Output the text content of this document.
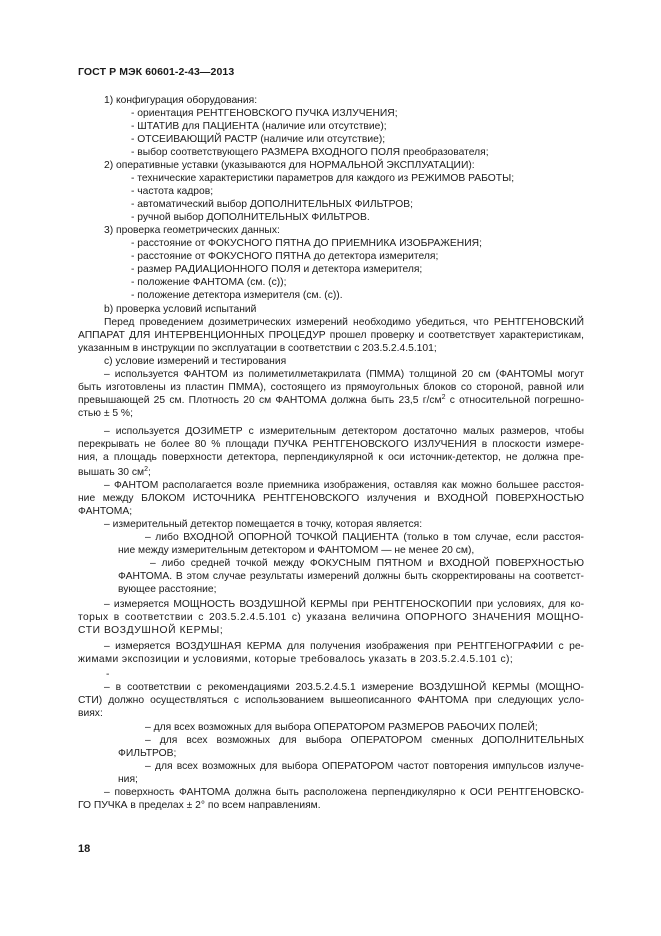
ГОСТ Р МЭК 60601-2-43—2013
1) конфигурация оборудования:
- ориентация РЕНТГЕНОВСКОГО ПУЧКА ИЗЛУЧЕНИЯ;
- ШТАТИВ для ПАЦИЕНТА (наличие или отсутствие);
- ОТСЕИВАЮЩИЙ РАСТР (наличие или отсутствие);
- выбор соответствующего РАЗМЕРА ВХОДНОГО ПОЛЯ преобразователя;
2) оперативные уставки (указываются для НОРМАЛЬНОЙ ЭКСПЛУАТАЦИИ):
- технические характеристики параметров для каждого из РЕЖИМОВ РАБОТЫ;
- частота кадров;
- автоматический выбор ДОПОЛНИТЕЛЬНЫХ ФИЛЬТРОВ;
- ручной выбор ДОПОЛНИТЕЛЬНЫХ ФИЛЬТРОВ.
3) проверка геометрических данных:
- расстояние от ФОКУСНОГО ПЯТНА ДО ПРИЕМНИКА ИЗОБРАЖЕНИЯ;
- расстояние от ФОКУСНОГО ПЯТНА до детектора измерителя;
- размер РАДИАЦИОННОГО ПОЛЯ и детектора измерителя;
- положение ФАНТОМА (см. (c));
- положение детектора измерителя (см. (c)).
b) проверка условий испытаний
Перед проведением дозиметрических измерений необходимо убедиться, что РЕНТГЕНОВСКИЙ
АППАРАТ ДЛЯ ИНТЕРВЕНЦИОННЫХ ПРОЦЕДУР прошел проверку и соответствует характеристикам,
указанным в инструкции по эксплуатации в соответствии с 203.5.2.4.5.101;
c) условие измерений и тестирования
– используется ФАНТОМ из полиметилметакрилата (ПММА) толщиной 20 см (ФАНТОМЫ могут
быть изготовлены из пластин ПММА), состоящего из прямоугольных блоков со стороной, равной или
превышающей 25 см. Плотность 20 см ФАНТОМА должна быть 23,5 $г/см^2$ с относительной погрешно-
стью ± 5 %;
– используется ДОЗИМЕТР с измерительным детектором достаточно малых размеров, чтобы
перекрывать не более 80 % площади ПУЧКА РЕНТГЕНОВСКОГО ИЗЛУЧЕНИЯ в плоскости измере-
ния, а площадь поверхности детектора, перпендикулярной к оси источник-детектор, не должна пре-
вышать 30 $см^2$;
– ФАНТОМ располагается возле приемника изображения, оставляя как можно большее расстоя-
ние между БЛОКОМ ИСТОЧНИКА РЕНТГЕНОВСКОГО излучения и ВХОДНОЙ ПОВЕРХНОСТЬЮ
ФАНТОМА;
– измерительный детектор помещается в точку, которая является:
– либо ВХОДНОЙ ОПОРНОЙ ТОЧКОЙ ПАЦИЕНТА (только в том случае, если расстоя-
ние между измерительным детектором и ФАНТОМОМ — не менее 20 см),
– либо средней точкой между ФОКУСНЫМ ПЯТНОМ и ВХОДНОЙ ПОВЕРХНОСТЬЮ
ФАНТОМА. В этом случае результаты измерений должны быть скорректированы на соответст-
вующее расстояние;
– измеряется МОЩНОСТЬ ВОЗДУШНОЙ КЕРМЫ при РЕНТГЕНОСКОПИИ при условиях, для ко-
торых в соответствии с 203.5.2.4.5.101 c) указана величина ОПОРНОГО ЗНАЧЕНИЯ МОЩНО-
СТИ ВОЗДУШНОЙ КЕРМЫ;
– измеряется ВОЗДУШНАЯ КЕРМА для получения изображения при РЕНТГЕНОГРАФИИ с ре-
жимами экспозиции и условиями, которые требовалось указать в 203.5.2.4.5.101 c);
-
– в соответствии с рекомендациями 203.5.2.4.5.1 измерение ВОЗДУШНОЙ КЕРМЫ (МОЩНО-
СТИ) должно осуществляться с использованием вышеописанного ФАНТОМА при следующих усло-
виях:
– для всех возможных для выбора ОПЕРАТОРОМ РАЗМЕРОВ РАБОЧИХ ПОЛЕЙ;
– для всех возможных для выбора ОПЕРАТОРОМ сменных ДОПОЛНИТЕЛЬНЫХ
ФИЛЬТРОВ;
– для всех возможных для выбора ОПЕРАТОРОМ частот повторения импульсов излуче-
ния;
– поверхность ФАНТОМА должна быть расположена перпендикулярно к ОСИ РЕНТГЕНОВСКО-
ГО ПУЧКА в пределах ± 2° по всем направлениям.
18
